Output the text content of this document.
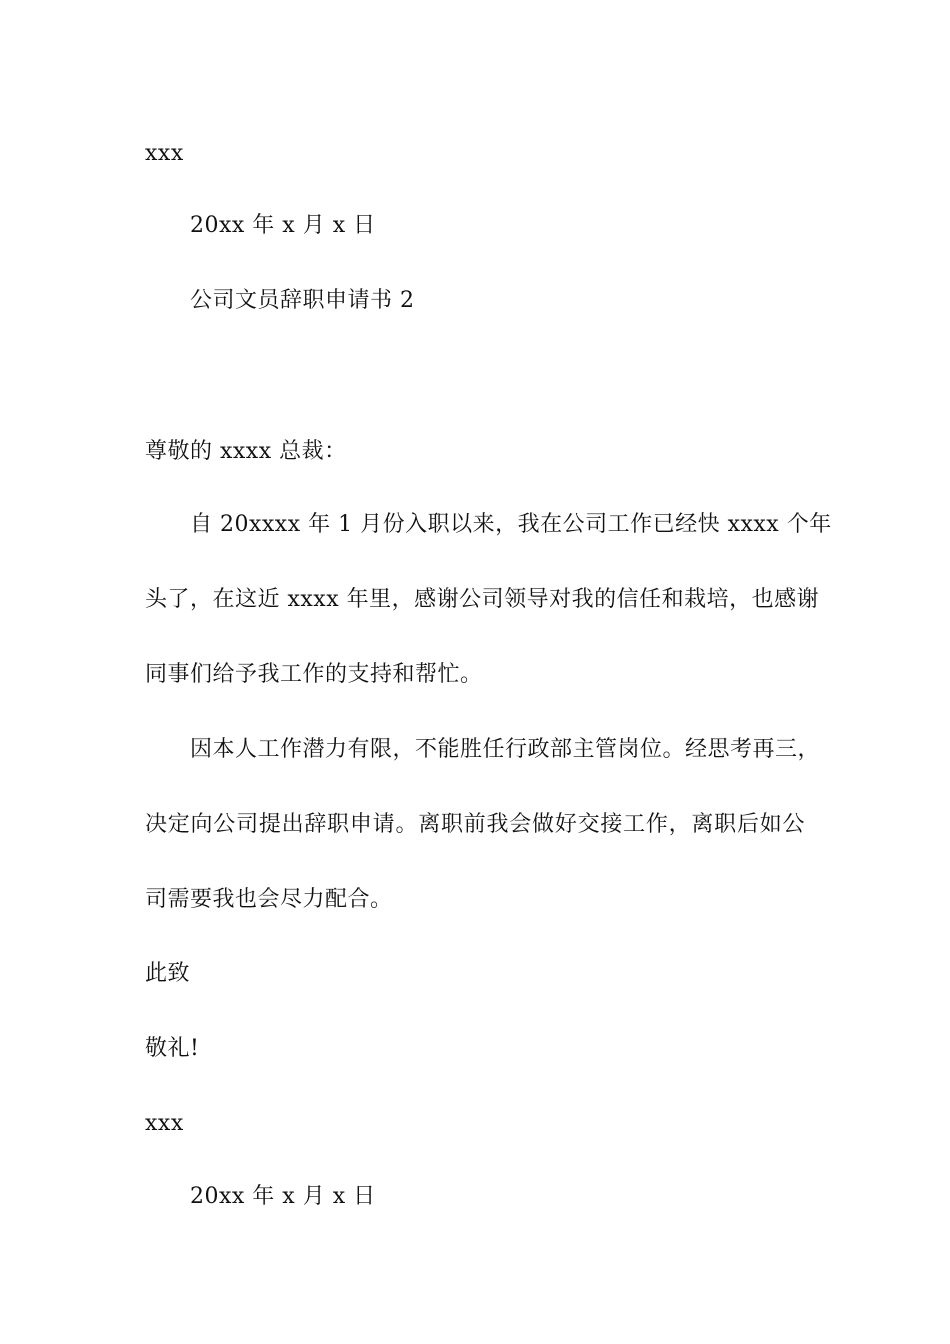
xxx
20xx 年 x 月 x 日
公司文员辞职申请书 2
尊敬的 xxxx 总裁：
自 20xxxx 年 1 月份入职以来，我在公司工作已经快 xxxx 个年
头了，在这近 xxxx 年里，感谢公司领导对我的信任和栽培，也感谢
同事们给予我工作的支持和帮忙。
因本人工作潜力有限，不能胜任行政部主管岗位。经思考再三，
决定向公司提出辞职申请。离职前我会做好交接工作，离职后如公
司需要我也会尽力配合。
此致
敬礼!
xxx
20xx 年 x 月 x 日
